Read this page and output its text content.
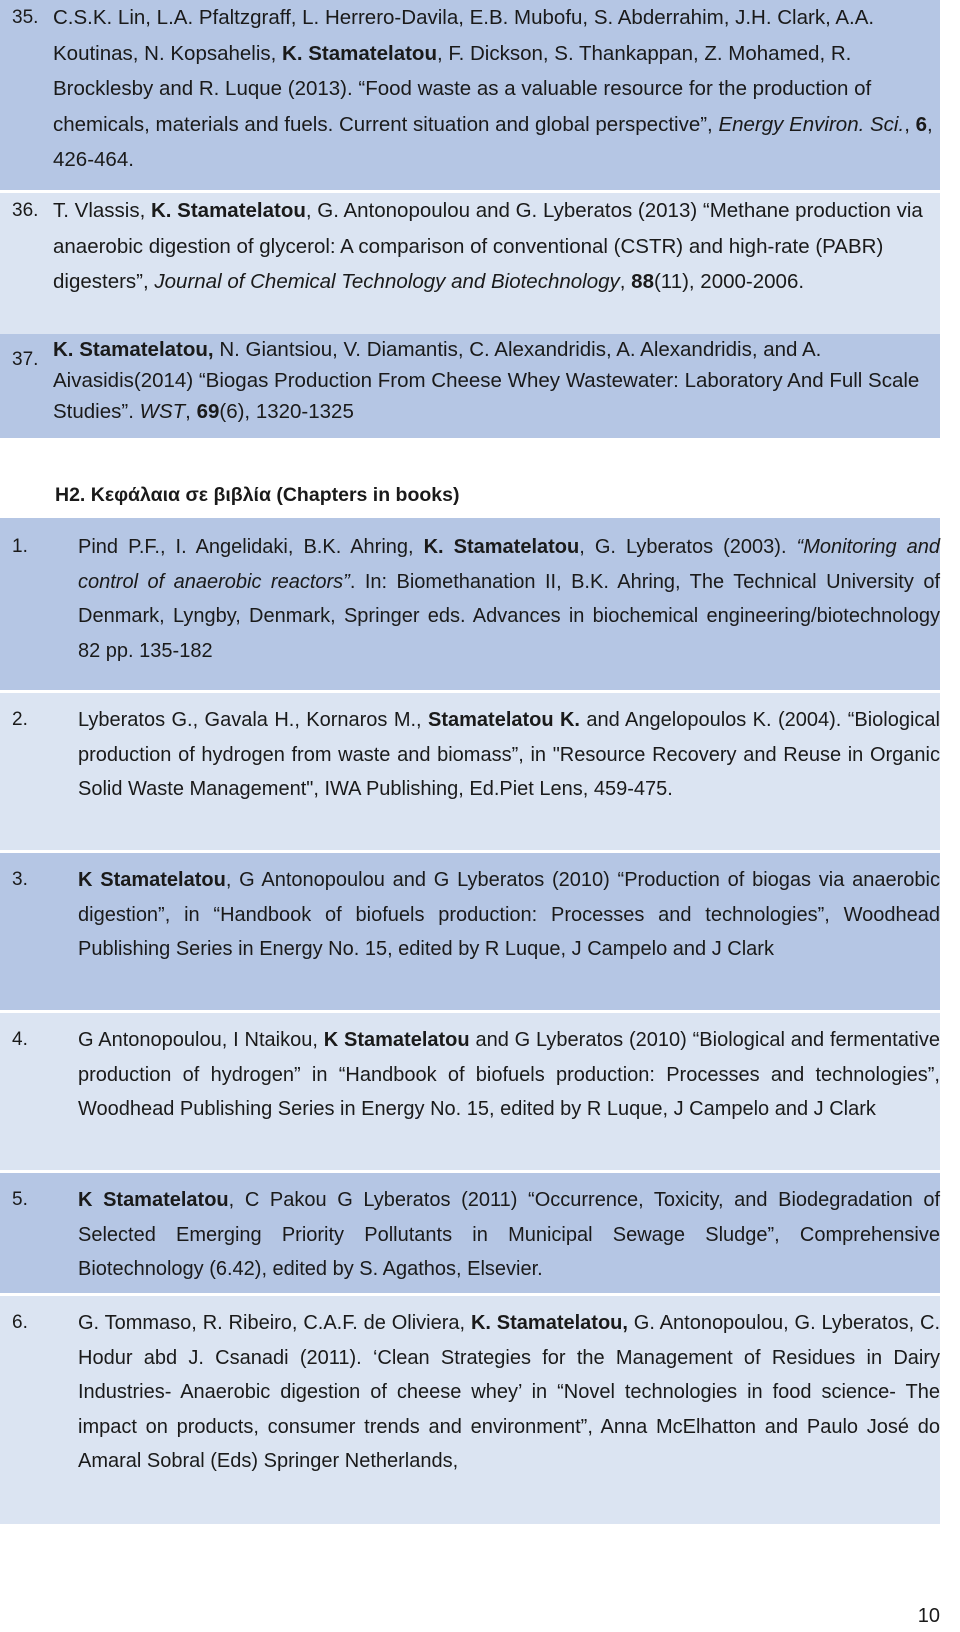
35. C.S.K. Lin, L.A. Pfaltzgraff, L. Herrero-Davila, E.B. Mubofu, S. Abderrahim, J.H. Clark, A.A. Koutinas, N. Kopsahelis, K. Stamatelatou, F. Dickson, S. Thankappan, Z. Mohamed, R. Brocklesby and R. Luque (2013). “Food waste as a valuable resource for the production of chemicals, materials and fuels. Current situation and global perspective”, Energy Environ. Sci., 6, 426-464.
36. T. Vlassis, K. Stamatelatou, G. Antonopoulou and G. Lyberatos (2013) “Methane production via anaerobic digestion of glycerol: A comparison of conventional (CSTR) and high-rate (PABR) digesters”, Journal of Chemical Technology and Biotechnology, 88(11), 2000-2006.
37. K. Stamatelatou, N. Giantsiou, V. Diamantis, C. Alexandridis, A. Alexandridis, and A. Aivasidis(2014) “Biogas Production From Cheese Whey Wastewater: Laboratory And Full Scale Studies”. WST, 69(6), 1320-1325
H2. Κεφάλαια σε βιβλία (Chapters in books)
1.	Pind P.F., I. Angelidaki, B.K. Ahring, K. Stamatelatou, G. Lyberatos (2003). “Monitoring and control of anaerobic reactors”. In: Biomethanation II, B.K. Ahring, The Technical University of Denmark, Lyngby, Denmark, Springer eds. Advances in biochemical engineering/biotechnology 82 pp. 135-182
2.	Lyberatos G., Gavala H., Kornaros M., Stamatelatou K. and Angelopoulos K. (2004). “Biological production of hydrogen from waste and biomass”, in "Resource Recovery and Reuse in Organic Solid Waste Management", IWA Publishing, Ed.Piet Lens, 459-475.
3.	K Stamatelatou, G Antonopoulou and G Lyberatos (2010) “Production of biogas via anaerobic digestion”, in “Handbook of biofuels production: Processes and technologies”, Woodhead Publishing Series in Energy No. 15, edited by R Luque, J Campelo and J Clark
4.	G Antonopoulou, I Ntaikou, K Stamatelatou and G Lyberatos (2010) “Biological and fermentative production of hydrogen” in “Handbook of biofuels production: Processes and technologies”, Woodhead Publishing Series in Energy No. 15, edited by R Luque, J Campelo and J Clark
5.	K Stamatelatou, C Pakou G Lyberatos (2011) “Occurrence, Toxicity, and Biodegradation of Selected Emerging Priority Pollutants in Municipal Sewage Sludge”, Comprehensive Biotechnology (6.42), edited by S. Agathos, Elsevier.
6.	G. Tommaso, R. Ribeiro, C.A.F. de Oliviera, K. Stamatelatou, G. Antonopoulou, G. Lyberatos, C. Hodur abd J. Csanadi (2011). ‘Clean Strategies for the Management of Residues in Dairy Industries- Anaerobic digestion of cheese whey’ in “Novel technologies in food science- The impact on products, consumer trends and environment”, Anna McElhatton and Paulo José do Amaral Sobral (Eds) Springer Netherlands,
10
